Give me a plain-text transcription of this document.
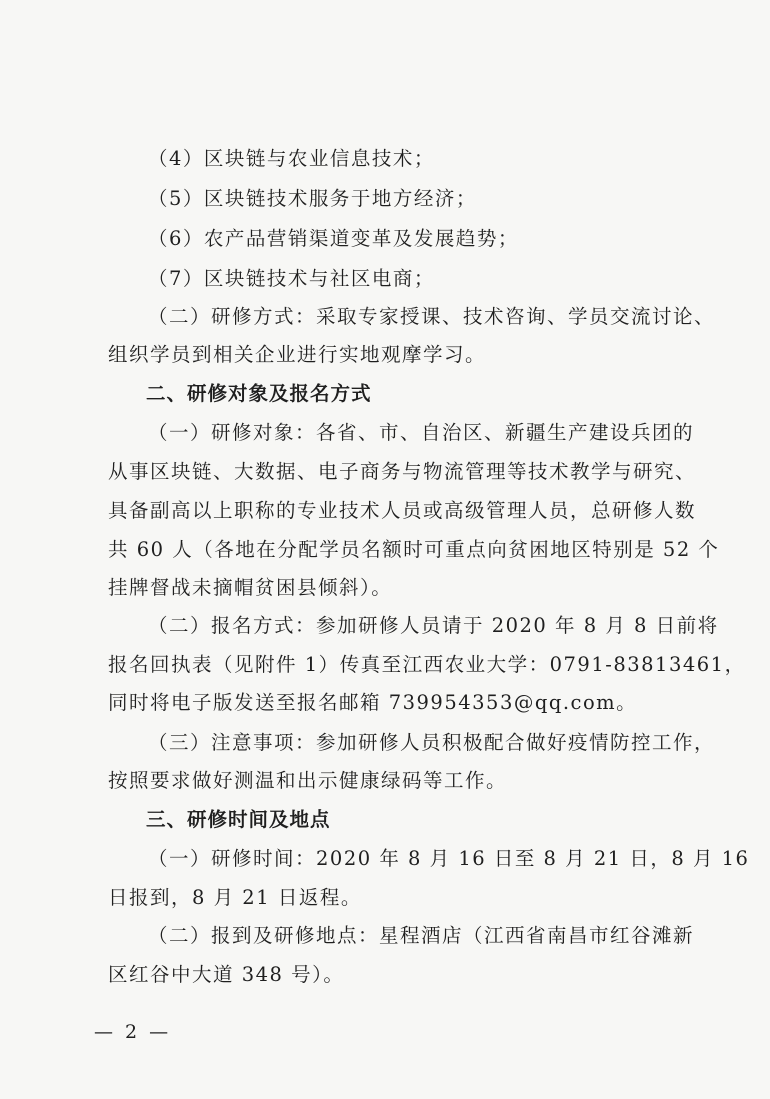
（4）区块链与农业信息技术；
（5）区块链技术服务于地方经济；
（6）农产品营销渠道变革及发展趋势；
（7）区块链技术与社区电商；
（二）研修方式：采取专家授课、技术咨询、学员交流讨论、
组织学员到相关企业进行实地观摩学习。
二、研修对象及报名方式
（一）研修对象：各省、市、自治区、新疆生产建设兵团的
从事区块链、大数据、电子商务与物流管理等技术教学与研究、
具备副高以上职称的专业技术人员或高级管理人员，总研修人数
共 60 人（各地在分配学员名额时可重点向贫困地区特别是 52 个
挂牌督战未摘帽贫困县倾斜）。
（二）报名方式：参加研修人员请于 2020 年 8 月 8 日前将
报名回执表（见附件 1）传真至江西农业大学：0791-83813461，
同时将电子版发送至报名邮箱 739954353@qq.com。
（三）注意事项：参加研修人员积极配合做好疫情防控工作，
按照要求做好测温和出示健康绿码等工作。
三、研修时间及地点
（一）研修时间：2020 年 8 月 16 日至 8 月 21 日，8 月 16
日报到，8 月 21 日返程。
（二）报到及研修地点：星程酒店（江西省南昌市红谷滩新
区红谷中大道 348 号）。
— 2 —
